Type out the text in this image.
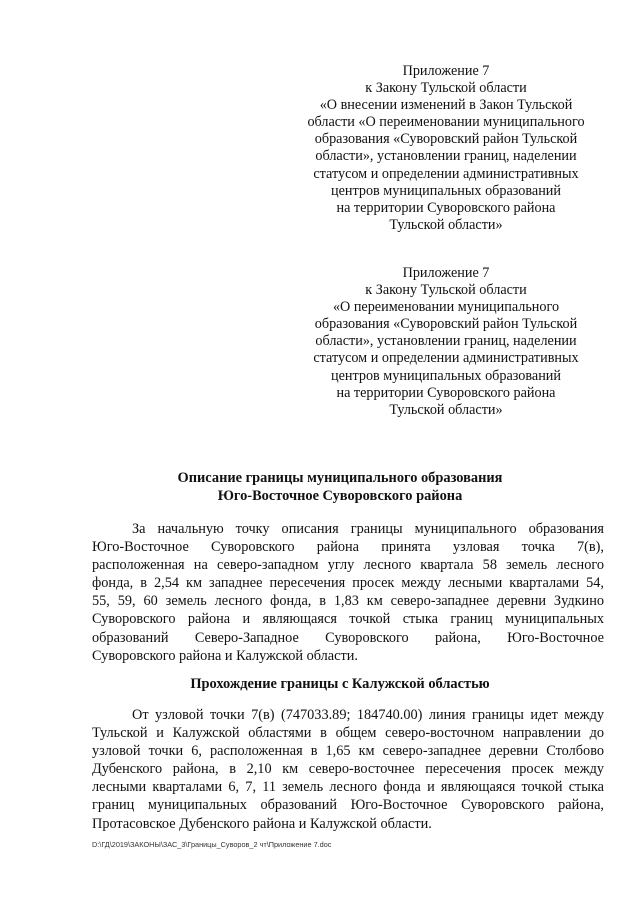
Приложение 7
к Закону Тульской области
«О внесении изменений в Закон Тульской
области «О переименовании муниципального
образования «Суворовский район Тульской
области», установлении границ, наделении
статусом и определении административных
центров муниципальных образований
на территории Суворовского района
Тульской области»
Приложение 7
к Закону Тульской области
«О переименовании муниципального
образования «Суворовский район Тульской
области», установлении границ, наделении
статусом и определении административных
центров муниципальных образований
на территории Суворовского района
Тульской области»
Описание границы муниципального образования
Юго-Восточное Суворовского района
За начальную точку описания границы муниципального образования
Юго-Восточное Суворовского района принята узловая точка 7(в),
расположенная на северо-западном углу лесного квартала 58 земель лесного
фонда, в 2,54 км западнее пересечения просек между лесными кварталами 54,
55, 59, 60 земель лесного фонда, в 1,83 км северо-западнее деревни Зудкино
Суворовского района и являющаяся точкой стыка границ муниципальных
образований Северо-Западное Суворовского района, Юго-Восточное
Суворовского района и Калужской области.
Прохождение границы с Калужской областью
От узловой точки 7(в) (747033.89; 184740.00) линия границы идет между
Тульской и Калужской областями в общем северо-восточном направлении до
узловой точки 6, расположенная в 1,65 км северо-западнее деревни Столбово
Дубенского района, в 2,10 км северо-восточнее пересечения просек между
лесными кварталами 6, 7, 11 земель лесного фонда и являющаяся точкой стыка
границ муниципальных образований Юго-Восточное Суворовского района,
Протасовское Дубенского района и Калужской области.
D:\ГД\2019\ЗАКОНЫ\ЗАС_3\Границы_Суворов_2 чт\Приложение 7.doc
